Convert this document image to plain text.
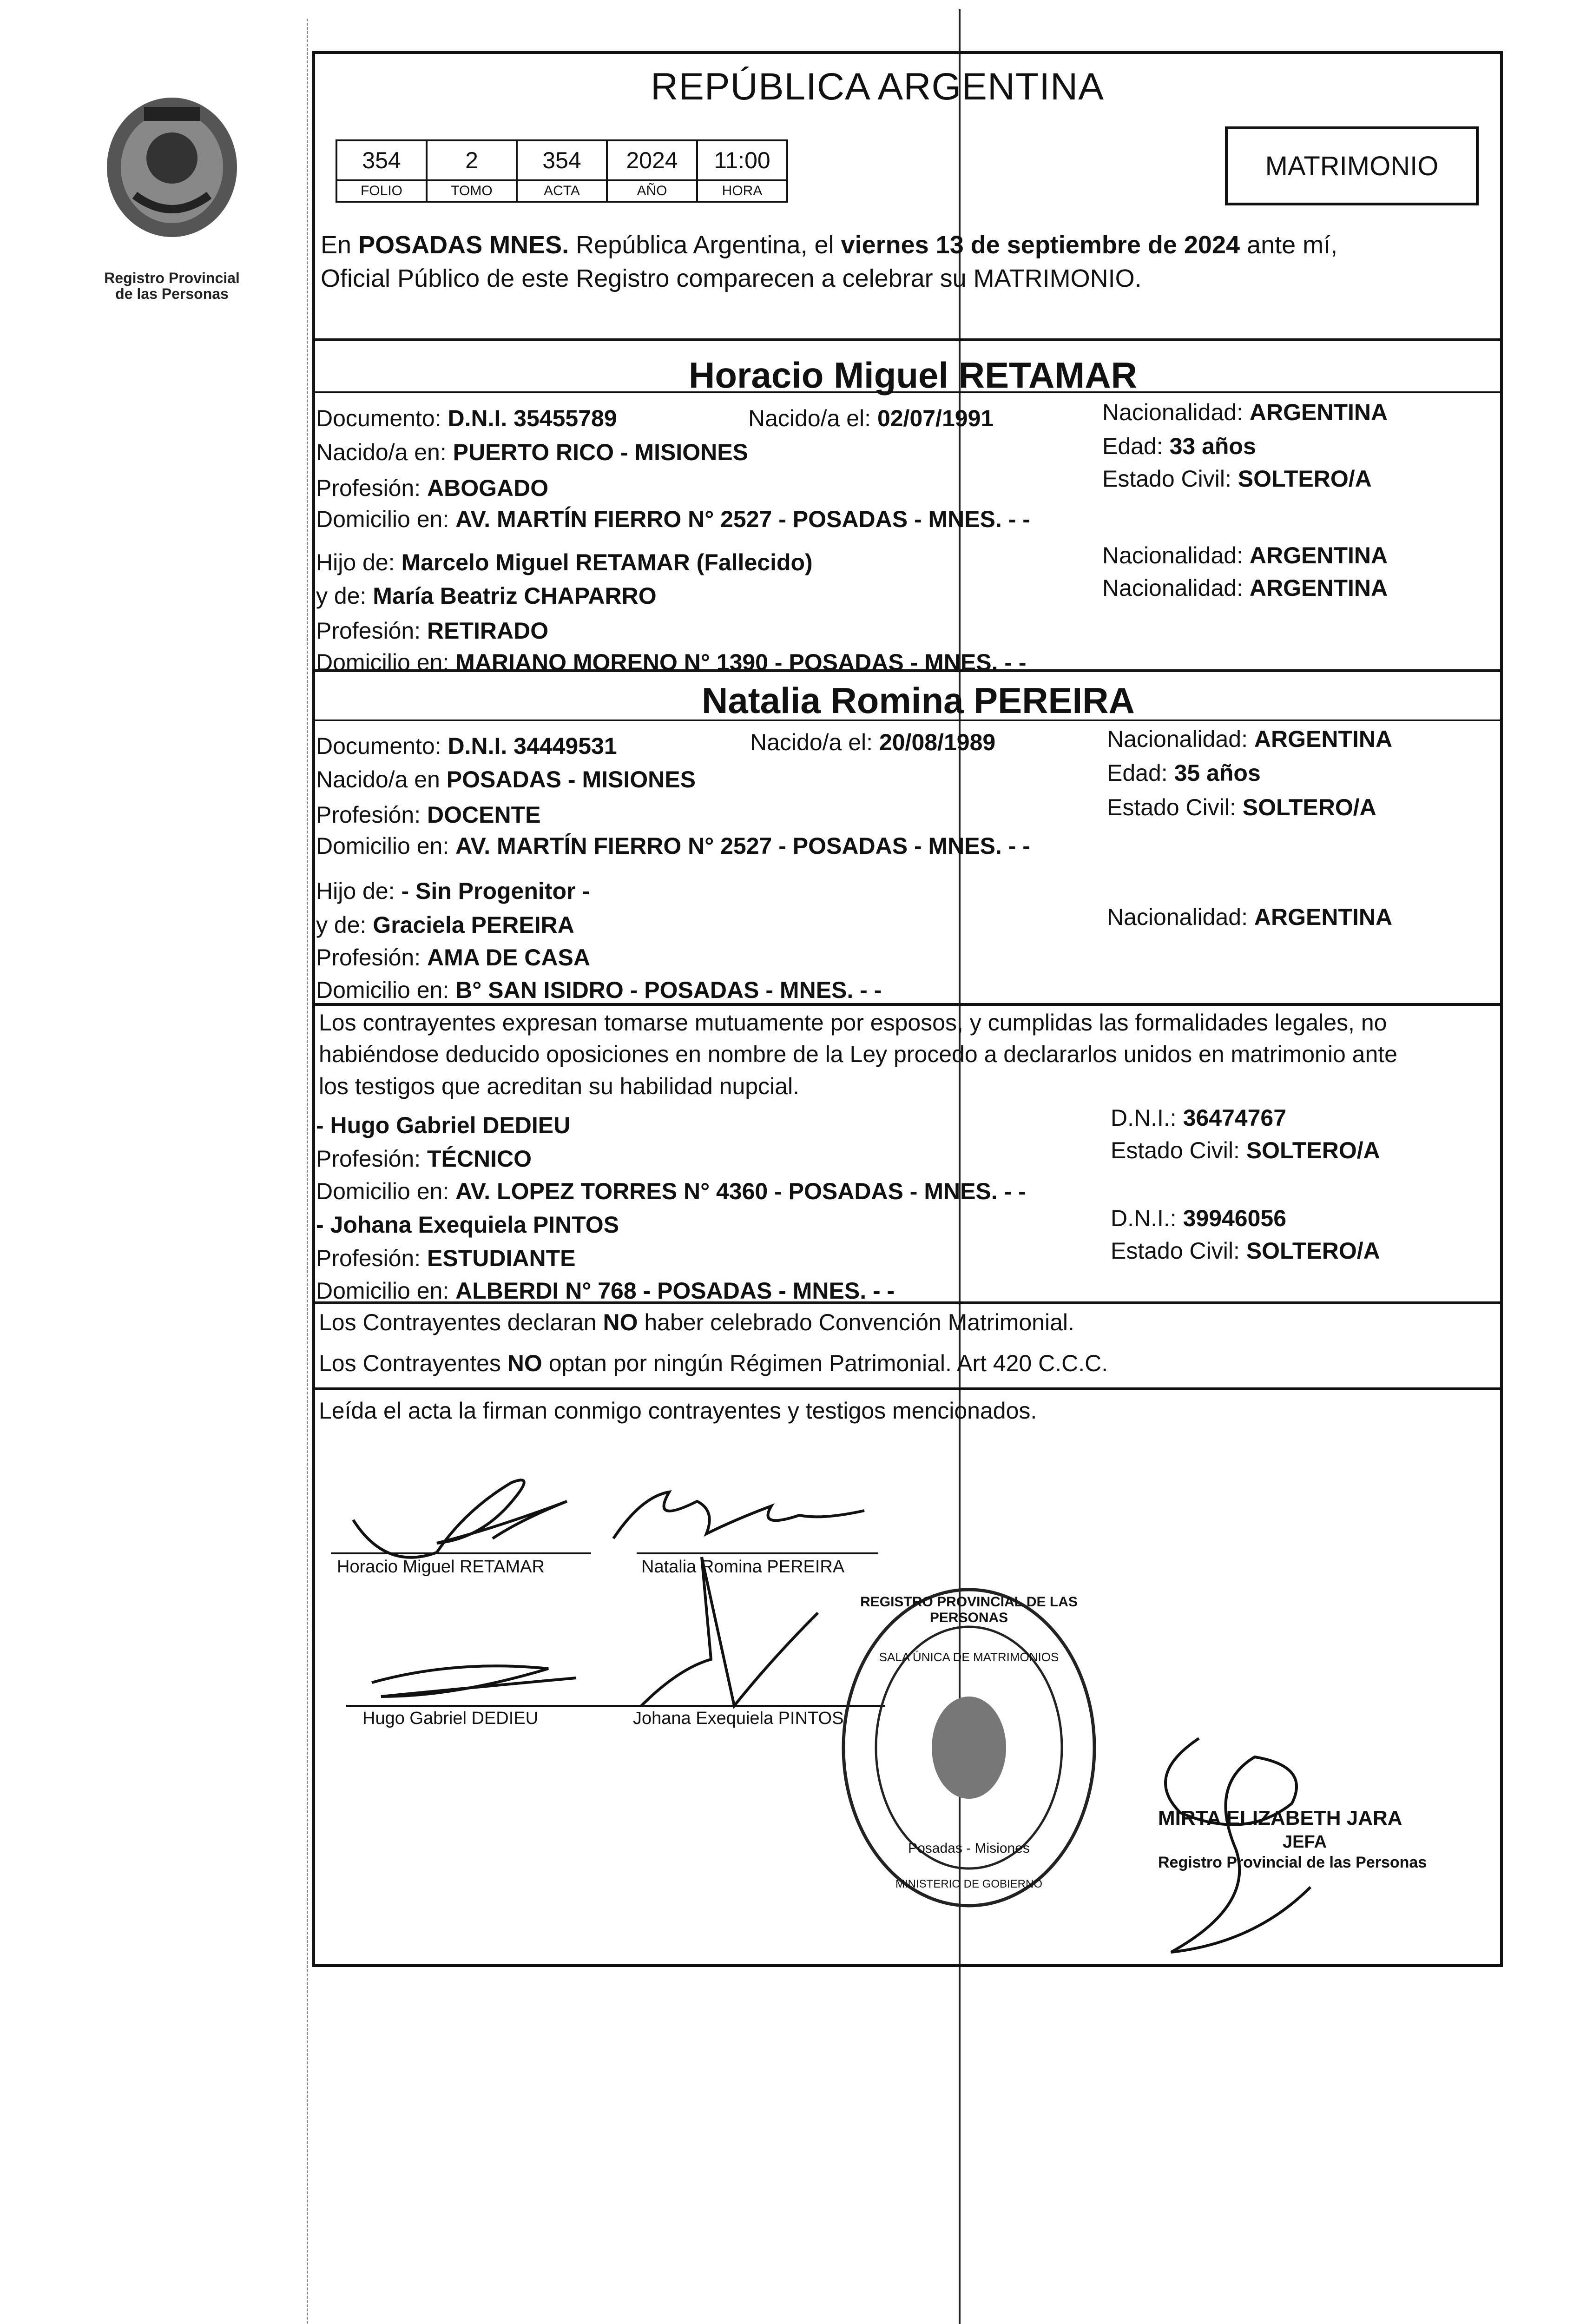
Registro Provincial
de las Personas
REPÚBLICA ARGENTINA
354	2	354	2024	11:00
FOLIO	TOMO	ACTA	AÑO	HORA
MATRIMONIO
En POSADAS MNES. República Argentina, el viernes 13 de septiembre de 2024 ante mí,
Oficial Público de este Registro comparecen a celebrar su MATRIMONIO.
Horacio Miguel RETAMAR
Documento: D.N.I. 35455789	Nacido/a el: 02/07/1991	Nacionalidad: ARGENTINA
Nacido/a en: PUERTO RICO - MISIONES	Edad: 33 años
Profesión: ABOGADO	Estado Civil: SOLTERO/A
Domicilio en: AV. MARTÍN FIERRO N° 2527 - POSADAS - MNES. - -
Hijo de: Marcelo Miguel RETAMAR (Fallecido)	Nacionalidad: ARGENTINA
y de: María Beatriz CHAPARRO	Nacionalidad: ARGENTINA
Profesión: RETIRADO
Domicilio en: MARIANO MORENO N° 1390 - POSADAS - MNES. - -
Natalia Romina PEREIRA
Documento: D.N.I. 34449531	Nacido/a el: 20/08/1989	Nacionalidad: ARGENTINA
Nacido/a en POSADAS - MISIONES	Edad: 35 años
Profesión: DOCENTE	Estado Civil: SOLTERO/A
Domicilio en: AV. MARTÍN FIERRO N° 2527 - POSADAS - MNES. - -
Hijo de: - Sin Progenitor -
y de: Graciela PEREIRA	Nacionalidad: ARGENTINA
Profesión: AMA DE CASA
Domicilio en: B° SAN ISIDRO - POSADAS - MNES. - -
Los contrayentes expresan tomarse mutuamente por esposos, y cumplidas las formalidades legales, no
habiéndose deducido oposiciones en nombre de la Ley procedo a declararlos unidos en matrimonio ante
los testigos que acreditan su habilidad nupcial.
- Hugo Gabriel DEDIEU	D.N.I.: 36474767
Profesión: TÉCNICO	Estado Civil: SOLTERO/A
Domicilio en: AV. LOPEZ TORRES N° 4360 - POSADAS - MNES. - -
- Johana Exequiela PINTOS	D.N.I.: 39946056
Profesión: ESTUDIANTE	Estado Civil: SOLTERO/A
Domicilio en: ALBERDI N° 768 - POSADAS - MNES. - -
Los Contrayentes declaran NO haber celebrado Convención Matrimonial.
Los Contrayentes NO optan por ningún Régimen Patrimonial. Art 420 C.C.C.
Leída el acta la firman conmigo contrayentes y testigos mencionados.
Horacio Miguel RETAMAR	Natalia Romina PEREIRA
Hugo Gabriel DEDIEU	Johana Exequiela PINTOS
REGISTRO PROVINCIAL DE LAS PERSONAS
SALA ÚNICA DE MATRIMONIOS
Posadas - Misiones
MINISTERIO DE GOBIERNO
MIRTA ELIZABETH JARA
JEFA
Registro Provincial de las Personas
